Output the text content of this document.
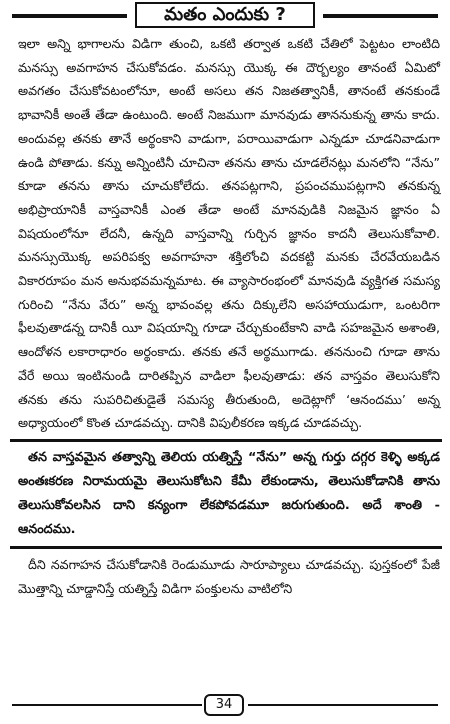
మతం ఎందుకు ?

ఇలా అన్ని భాగాలను విడిగా తుంచి, ఒకటి తర్వాత ఒకటి చేతిలో పెట్టటం లాంటిది మనస్సు అవగాహన చేసుకోవడం. మనస్సు యొక్క ఈ దౌర్బల్యం తానంటే ఏమిటో అవగతం చేసుకోవటంలోనూ, అంటే అసలు తన నిజతత్వానికీ, తానంటే తనకుండే భావానికీ అంతే తేడా ఉంటుంది. అంటే నిజముగా మానవుడు తాననుకున్న తాను కాదు. అందువల్ల తనకు తానే అర్థంకాని వాడుగా, పరాయివాడుగా ఎన్నడూ చూడనివాడుగా ఉండి పోతాడు. కన్ను అన్నింటినీ చూచినా తనను తాను చూడలేనట్లు మనలోని “నేను” కూడా తనను తాను చూచుకోలేదు. తనపట్లగాని, ప్రపంచముపట్లగాని తనకున్న అభిప్రాయానికీ వాస్తవానికీ ఎంత తేడా అంటే మానవుడికి నిజమైన జ్ఞానం ఏ విషయంలోనూ లేదనీ, ఉన్నది వాస్తవాన్ని గుర్చిన జ్ఞానం కాదనీ తెలుసుకోవాలి. మనస్సుయొక్క అపరిపక్వ అవగాహనా శక్తిలోంచి వదకట్టి మనకు చేరవేయబడిన వికారరూపం మన అనుభవమన్నమాట. ఈ వ్యాసారంభంలో మానవుడి వ్యక్తిగత సమస్య గురించి “నేను వేరు” అన్న భావంవల్ల తను దిక్కులేని అసహాయుడుగా, ఒంటరిగా ఫీలవుతాడన్న దానికీ యీ విషయాన్ని గూడా చేర్చుకుంటేకాని వాడి సహజమైన అశాంతి, ఆందోళన లకారాధారం అర్థంకాదు. తనకు తనే అర్థముగాడు. తననుంచి గూడా తాను వేరే అయి ఇంటినుండి దారితప్పిన వాడిలా ఫీలవుతాడు: తన వాస్తవం తెలుసుకోని తనకు తను సుపరిచితుడైతే సమస్య తీరుతుంది, అదెట్లాగో ‘ఆనందము’ అన్న అధ్యాయంలో కొంత చూడవచ్చు. దానికి విపులీకరణ ఇక్కడ చూడవచ్చు.

తన వాస్తవమైన తత్వాన్ని తెలియ యత్నిస్తే “నేను” అన్న గుర్తు దగ్గర కెళ్ళి అక్కడ అంతఃకరణ నిరామయమై తెలుసుకోటని కేమీ లేకుండాను, తెలుసుకోడానికి తాను తెలుసుకోవలసిన దాని కన్యంగా లేకపోవడమూ జరుగుతుంది. అదే శాంతి - ఆనందము.

దీని నవగాహన చేసుకోడానికి రెండుమూడు సారూప్యాలు చూడవచ్చు. పుస్తకంలో పేజీ మొత్తాన్ని చూడ్డానిస్తే యత్నిస్తే విడిగా పంక్తులను వాటిలోని

34
